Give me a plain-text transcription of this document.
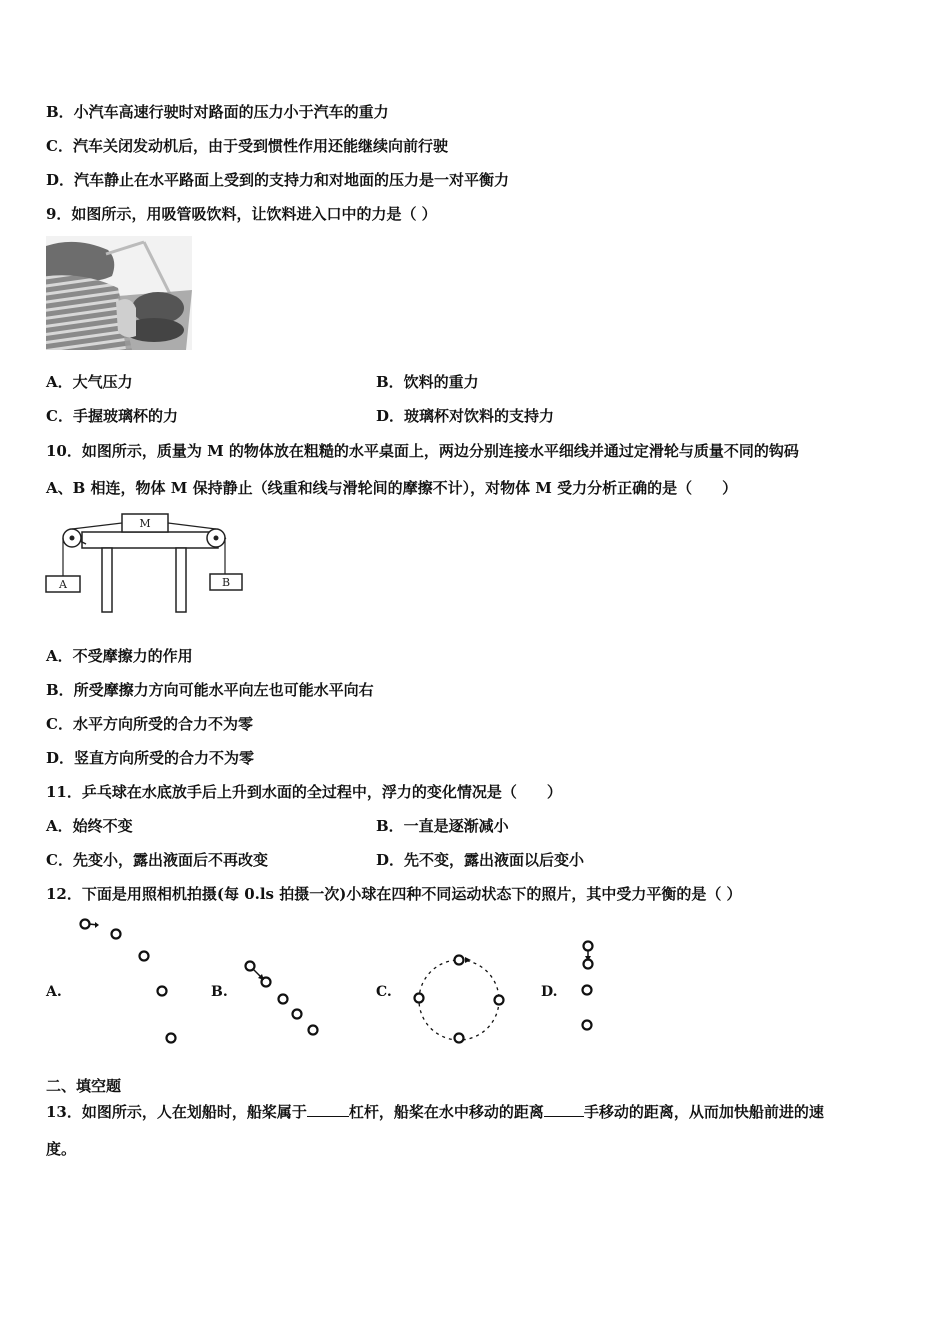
B．小汽车高速行驶时对路面的压力小于汽车的重力
C．汽车关闭发动机后，由于受到惯性作用还能继续向前行驶
D．汽车静止在水平路面上受到的支持力和对地面的压力是一对平衡力
9．如图所示，用吸管吸饮料，让饮料进入口中的力是（ ）
A．大气压力	B．饮料的重力
C．手握玻璃杯的力	D．玻璃杯对饮料的支持力
10．如图所示，质量为 M 的物体放在粗糙的水平桌面上，两边分别连接水平细线并通过定滑轮与质量不同的钩码
A、B 相连，物体 M 保持静止（线重和线与滑轮间的摩擦不计），对物体 M 受力分析正确的是（　　）
M
A	B
A．不受摩擦力的作用
B．所受摩擦力方向可能水平向左也可能水平向右
C．水平方向所受的合力不为零
D．竖直方向所受的合力不为零
11．乒乓球在水底放手后上升到水面的全过程中，浮力的变化情况是（　　）
A．始终不变	B．一直是逐渐减小
C．先变小，露出液面后不再改变	D．先不变，露出液面以后变小
12．下面是用照相机拍摄(每 0.ls 拍摄一次)小球在四种不同运动状态下的照片，其中受力平衡的是（ ）
A.	B.	C.	D.
二、填空题
13．如图所示，人在划船时，船桨属于	杠杆，船桨在水中移动的距离	手移动的距离，从而加快船前进的速
度。
